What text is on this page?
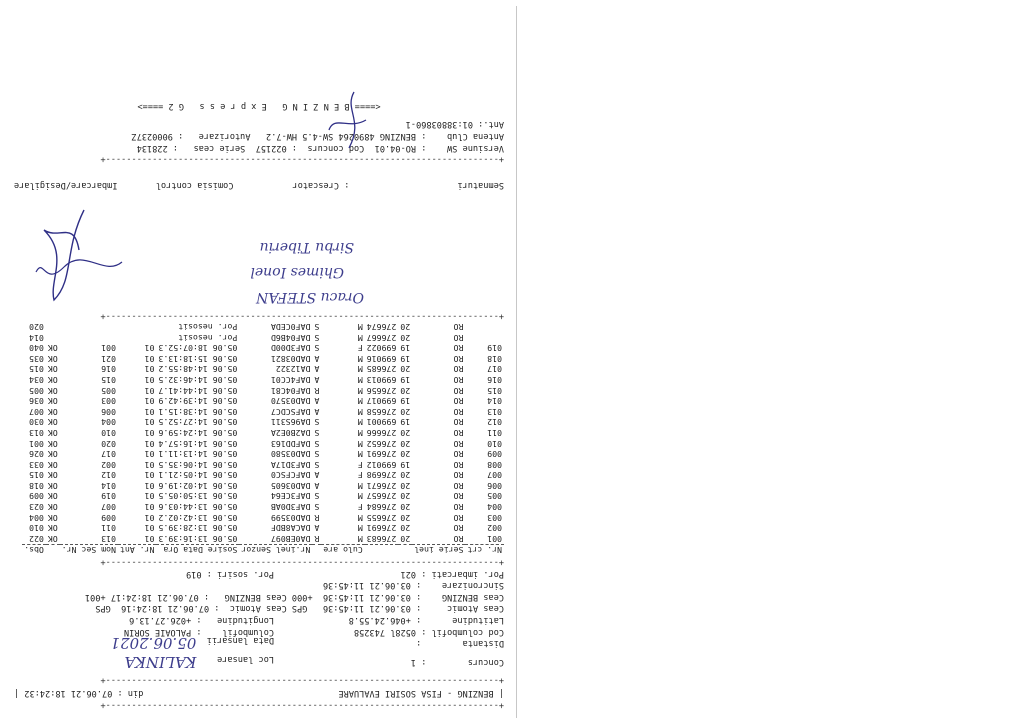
+----------------------------------------------------------------------------+
| BENZING - FISA SOSIRI EVALUARE
din : 07.06.21 18:24:32 |
+----------------------------------------------------------------------------+
Concurs        : 1
Loc lansare    KALINKA
Distanta        :
Data lansarii  05.06.2021
Cod columbofil : 0528l 743258
Columbofil    : PALOAIE SORIN
Latitudine      : +046.24.55.8
Longitudine   : +026.27.13.6
Ceas Atomic     : 03.06.21 11:45:36   GPS Ceas Atomic  : 07.06.21 18:24:16  GPS
Ceas BENZING    : 03.06.21 11:45:36  +000 Ceas BENZING   : 07.06.21 18:24:17 +001
Sincronizare    : 03.06.21 11:45:36
Por. imbarcati : 021
Por. sosiri : 019
+----------------------------------------------------------------------------+
Nr. crt	Serie inel			Culo are		Nr.inel Senzor	Sosire Data Ora	Nr. Ant	Nom Sec Nr.		Obs.
001	RO	20	276683	M	R	DA0EB097	05.06 13:16:39.3	01	013	OK	022
002	RO	20	276691	M	A	DACA8BDF	05.06 13:28:39.5	01	011	OK	010
003	RO	20	276655	M	R	DAD03599	05.06 13:42:02.2	01	009	OK	004
004	RO	20	276684	F	S	DAF3D0AB	05.06 13:44:03.6	01	007	OK	023
005	RO	20	276657	M	S	DAF3CE64	05.06 13:50:05.5	01	019	OK	009
006	RO	20	276671	M	A	DAD03605	05.06 14:02:19.6	01	014	OK	018
007	RO	20	276698	F	A	DAFCFSC0	05.06 14:05:21.1	01	012	OK	015
008	RO	19	699012	F	S	DAF3D17A	05.06 14:06:35.5	01	002	OK	033
009	RO	20	276691	M	S	DAD03580	05.06 14:13:11.1	01	017	OK	026
010	RO	20	276652	M	S	DAFDD163	05.06 14:16:57.4	01	020	OK	001
011	RO	20	276666	M	S	DA2B0E2A	05.06 14:24:59.6	01	010	OK	013
012	RO	19	699001	M	S	DA96S311	05.06 14:27:52.5	01	004	OK	030
013	RO	20	276658	M	A	DAFSCDC7	05.06 14:38:15.1	01	006	OK	007
014	RO	19	699017	M	A	DAD03570	05.06 14:39:42.9	01	003	OK	036
015	RO	20	276656	M	R	DAF04C81	05.06 14:44:41.7	01	005	OK	005
016	RO	19	699013	M	A	DAF4CC01	05.06 14:46:32.5	01	015	OK	034
017	RO	20	276685	M	A	DA12322	05.06 14:48:55.2	01	016	OK	015
018	RO	19	699016	M	A	DAD03821	05.06 15:18:13.3	01	021	OK	035
019	RO	19	699022	F	S	DAF3D00D	05.06 18:07:52.3	01	001	OK	040
	RO	20	276667	M	S	DAF04B6D	Por. nesosit				014
	RO	20	276674	M	S	DAF0CEDA	Por. nesosit				020
+----------------------------------------------------------------------------+
Oracu STEFAN
Ghimes Ionel
Sirbu Tiberiu
Semnaturi
: Crescator
Comisia control
Imbarcare/Desigilare
+----------------------------------------------------------------------------+
Versiune SW    : RO-04.01  Cod concurs  : 022157  Serie ceas   : 228134
Antena Club    : BENZING 4890264 SW-4.5 HW-7.2   Autorizare   : 9000237Z
Ant.: 01:38803860-1
<==== B E N Z I N G   E x p r e s s   G 2 ====>
